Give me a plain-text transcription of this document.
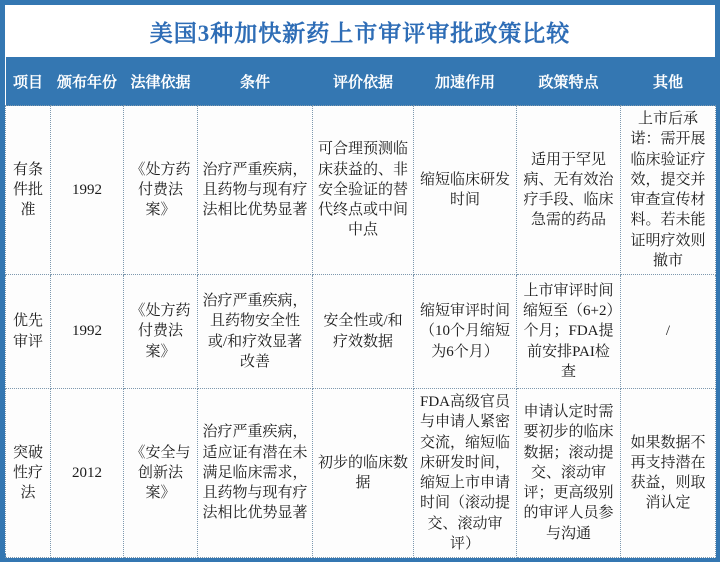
美国3种加快新药上市审评审批政策比较
项目	颁布年份	法律依据	条件	评价依据	加速作用	政策特点	其他
有条件批准	1992	《处方药付费法案》	治疗严重疾病，且药物与现有疗法相比优势显著	可合理预测临床获益的、非安全验证的替代终点或中间中点	缩短临床研发时间	适用于罕见病、无有效治疗手段、临床急需的药品	上市后承诺：需开展临床验证疗效，提交并审查宣传材料。若未能证明疗效则撤市
优先审评	1992	《处方药付费法案》	治疗严重疾病，且药物安全性或/和疗效显著改善	安全性或/和疗效数据	缩短审评时间（10个月缩短为6个月）	上市审评时间缩短至（6+2）个月；FDA提前安排PAI检查	/
突破性疗法	2012	《安全与创新法案》	治疗严重疾病，适应证有潜在未满足临床需求，且药物与现有疗法相比优势显著	初步的临床数据	FDA高级官员与申请人紧密交流，缩短临床研发时间，缩短上市申请时间（滚动提交、滚动审评）	申请认定时需要初步的临床数据；滚动提交、滚动审评；更高级别的审评人员参与沟通	如果数据不再支持潜在获益，则取消认定
